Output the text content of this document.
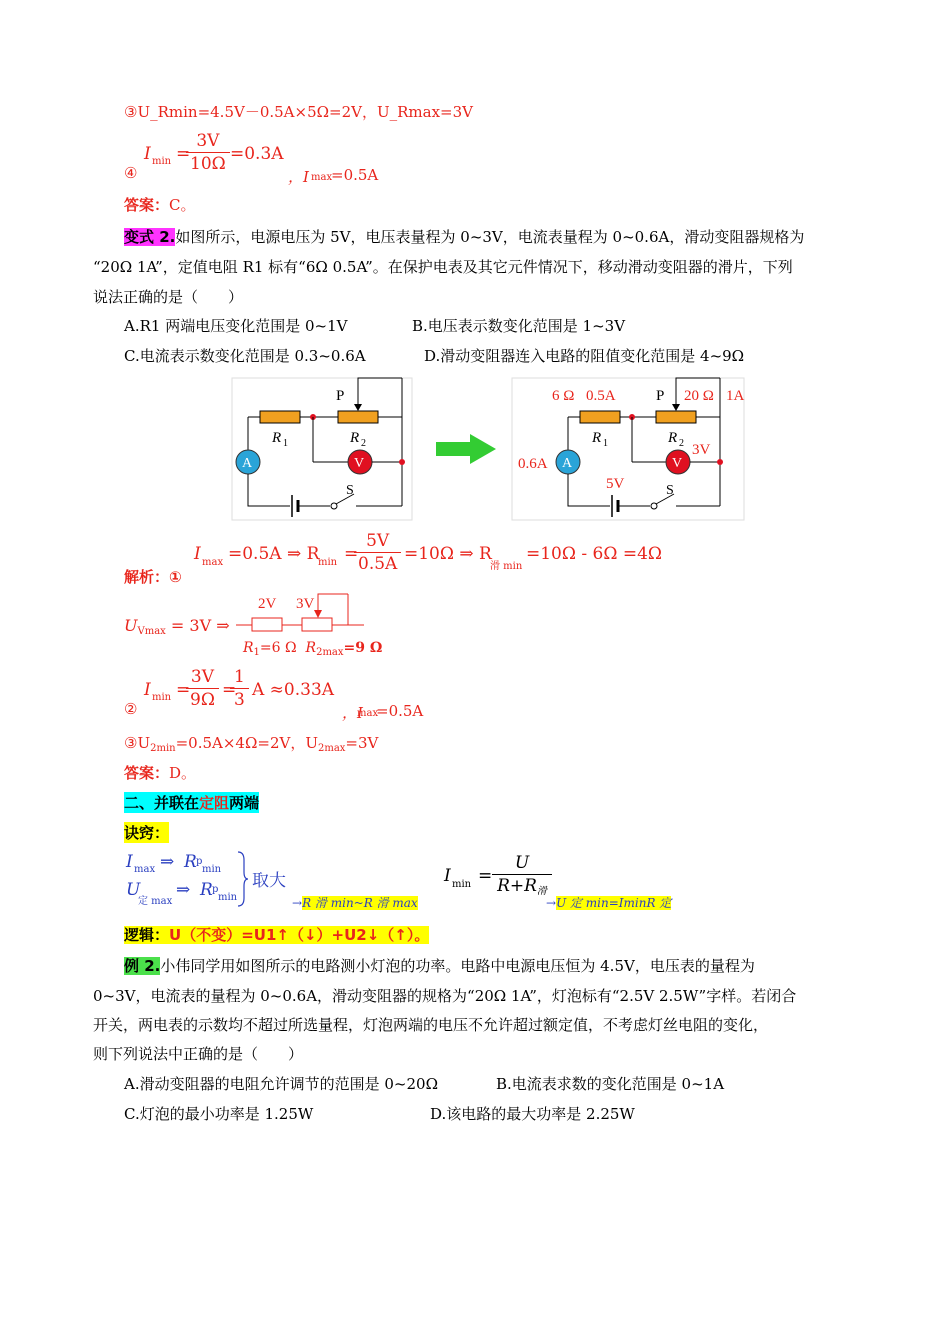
③U_Rmin=4.5V－0.5A×5Ω=2V，U_Rmax=3V
④
I min =
$\frac{3V}{10\Omega} =0.3A$
，I max
=0.5A
答案：C。
变式 2.如图所示，电源电压为 5V，电压表量程为 0~3V，电流表量程为 0~0.6A，滑动变阻器规格为
“20Ω 1A”，定值电阻 R1 标有“6Ω 0.5A”。在保护电表及其它元件情况下，移动滑动变阻器的滑片，下列
说法正确的是（　　）
A.R1 两端电压变化范围是 0~1V	B.电压表示数变化范围是 1~3V
C.电流表示数变化范围是 0.3~0.6A	D.滑动变阻器连入电路的阻值变化范围是 4~9Ω
P
R 1	R 2
A	V
S
P
R 1	R 2
A	V
S
6 Ω 0.5A	20 Ω 1A
0.6A
3V
5V
I max =0.5A ⇒ R
min =
$\frac{5V}{0.5A} =10\Omega$ ⇒ R
滑 min
=10Ω - 6Ω =4Ω
解析：①
$U_{Vmax} = 3V$ ⇒
2V 3V
$R_1=6$ Ω $R_{2max}=9$ Ω
②
I min =
$\frac{3V}{9\Omega}$ =
$\frac{1}{3}$ A ≈0.33A
，I
max
=0.5A
$③U_{2min}=0.5A\times 4\Omega=2V$，$U_{2max}=3V$
答案：D。
二、并联在定阻两端
诀窍：
I max ⇒ R p
min
U
定 max
⇒ R p
min
取大
→R 滑 min~R 滑 max
I min =
U
$R+R_滑$
→U 定 min=IminR 定
逻辑：U（不变）=U1↑（↓）+U2↓（↑）。
例 2.小伟同学用如图所示的电路测小灯泡的功率。电路中电源电压恒为 4.5V，电压表的量程为
0~3V，电流表的量程为 0~0.6A，滑动变阻器的规格为“20Ω 1A”，灯泡标有“2.5V 2.5W”字样。若闭合
开关，两电表的示数均不超过所选量程，灯泡两端的电压不允许超过额定值，不考虑灯丝电阻的变化，
则下列说法中正确的是（　　）
A.滑动变阻器的电阻允许调节的范围是 0~20Ω	B.电流表求数的变化范围是 0~1A
C.灯泡的最小功率是 1.25W	D.该电路的最大功率是 2.25W
